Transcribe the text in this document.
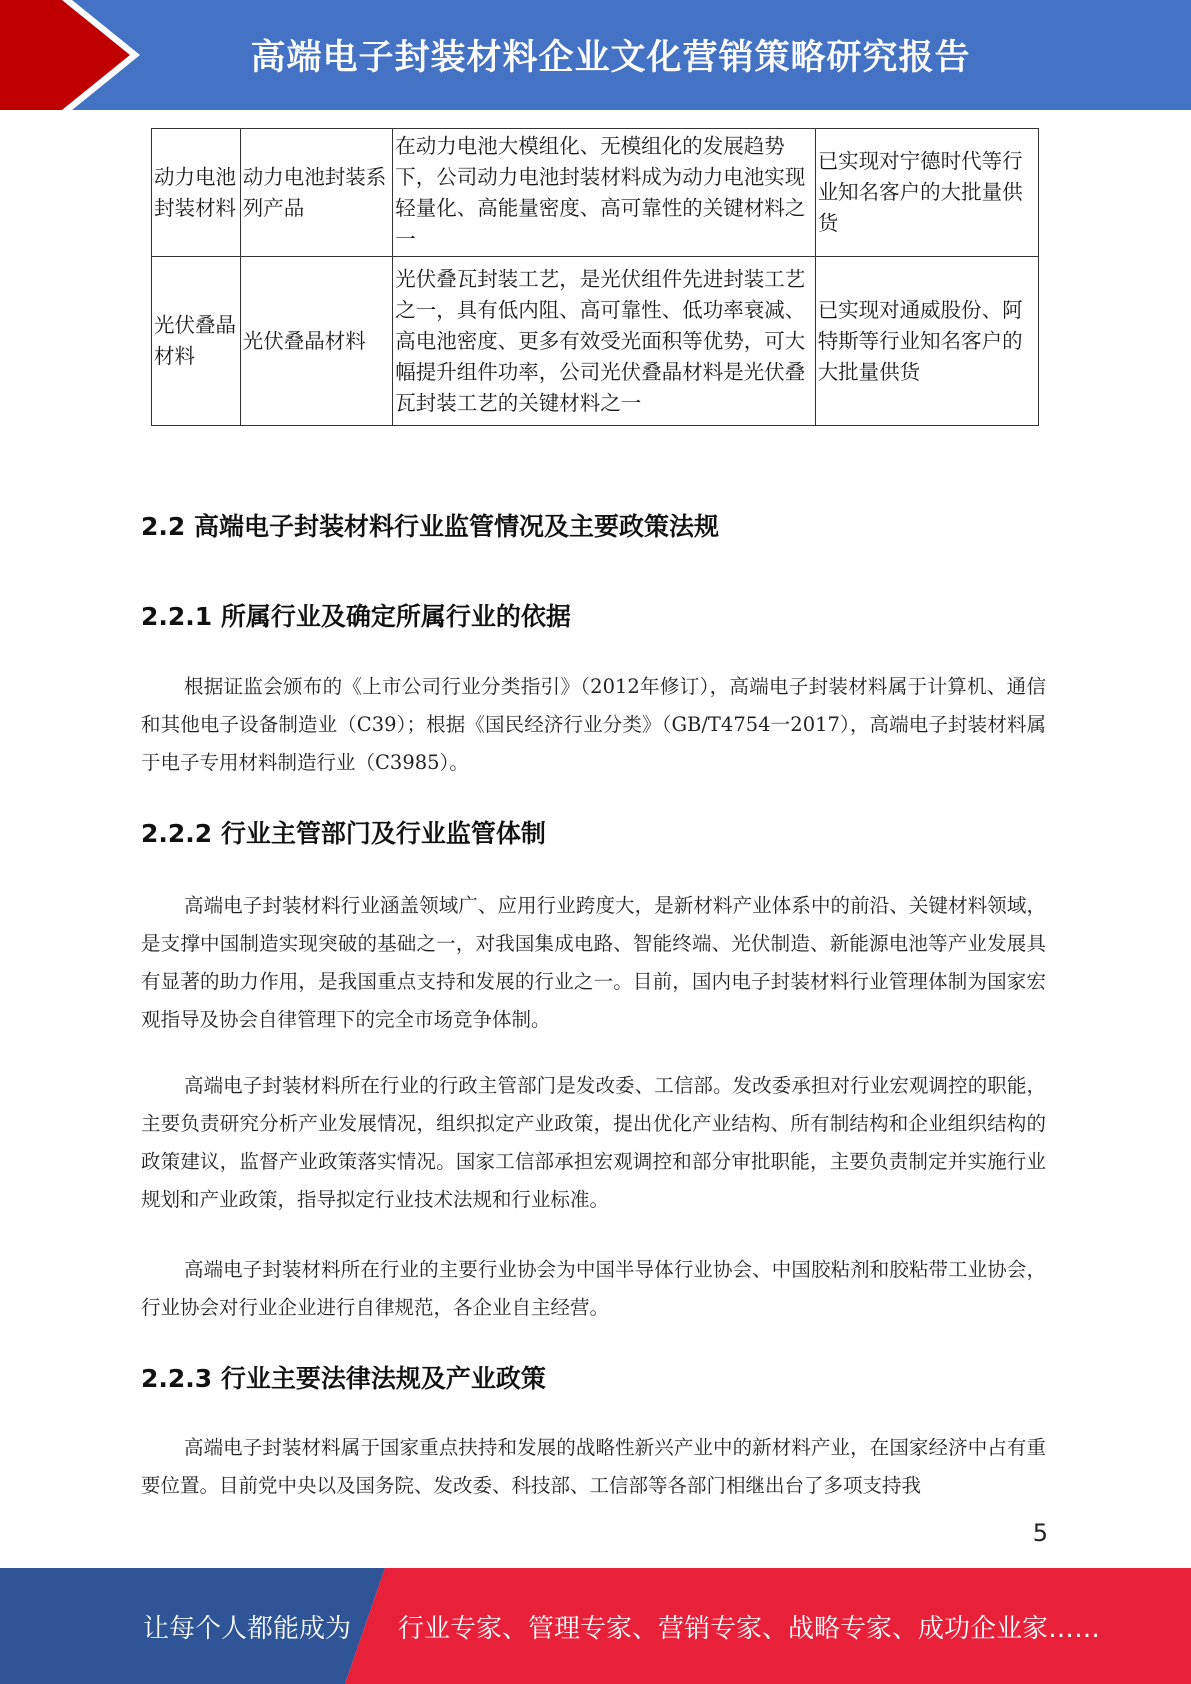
高端电子封装材料企业文化营销策略研究报告
动力电池封装材料	动力电池封装系列产品	在动力电池大模组化、无模组化的发展趋势下，公司动力电池封装材料成为动力电池实现轻量化、高能量密度、高可靠性的关键材料之一	已实现对宁德时代等行业知名客户的大批量供货
光伏叠晶材料	光伏叠晶材料	光伏叠瓦封装工艺，是光伏组件先进封装工艺之一，具有低内阻、高可靠性、低功率衰减、高电池密度、更多有效受光面积等优势，可大幅提升组件功率，公司光伏叠晶材料是光伏叠瓦封装工艺的关键材料之一	已实现对通威股份、阿特斯等行业知名客户的大批量供货
2.2 高端电子封装材料行业监管情况及主要政策法规
2.2.1 所属行业及确定所属行业的依据

根据证监会颁布的《上市公司行业分类指引》（2012年修订），高端电子封装材料属于计算机、通信和其他电子设备制造业（C39）；根据《国民经济行业分类》（GB/T4754一2017），高端电子封装材料属于电子专用材料制造行业（C3985）。

2.2.2 行业主管部门及行业监管体制

高端电子封装材料行业涵盖领域广、应用行业跨度大，是新材料产业体系中的前沿、关键材料领域，是支撑中国制造实现突破的基础之一，对我国集成电路、智能终端、光伏制造、新能源电池等产业发展具有显著的助力作用，是我国重点支持和发展的行业之一。目前，国内电子封装材料行业管理体制为国家宏观指导及协会自律管理下的完全市场竞争体制。

高端电子封装材料所在行业的行政主管部门是发改委、工信部。发改委承担对行业宏观调控的职能，主要负责研究分析产业发展情况，组织拟定产业政策，提出优化产业结构、所有制结构和企业组织结构的政策建议，监督产业政策落实情况。国家工信部承担宏观调控和部分审批职能，主要负责制定并实施行业规划和产业政策，指导拟定行业技术法规和行业标准。

高端电子封装材料所在行业的主要行业协会为中国半导体行业协会、中国胶粘剂和胶粘带工业协会，行业协会对行业企业进行自律规范，各企业自主经营。

2.2.3 行业主要法律法规及产业政策

高端电子封装材料属于国家重点扶持和发展的战略性新兴产业中的新材料产业，在国家经济中占有重要位置。目前党中央以及国务院、发改委、科技部、工信部等各部门相继出台了多项支持我

5
让每个人都能成为 行业专家、管理专家、营销专家、战略专家、成功企业家……
